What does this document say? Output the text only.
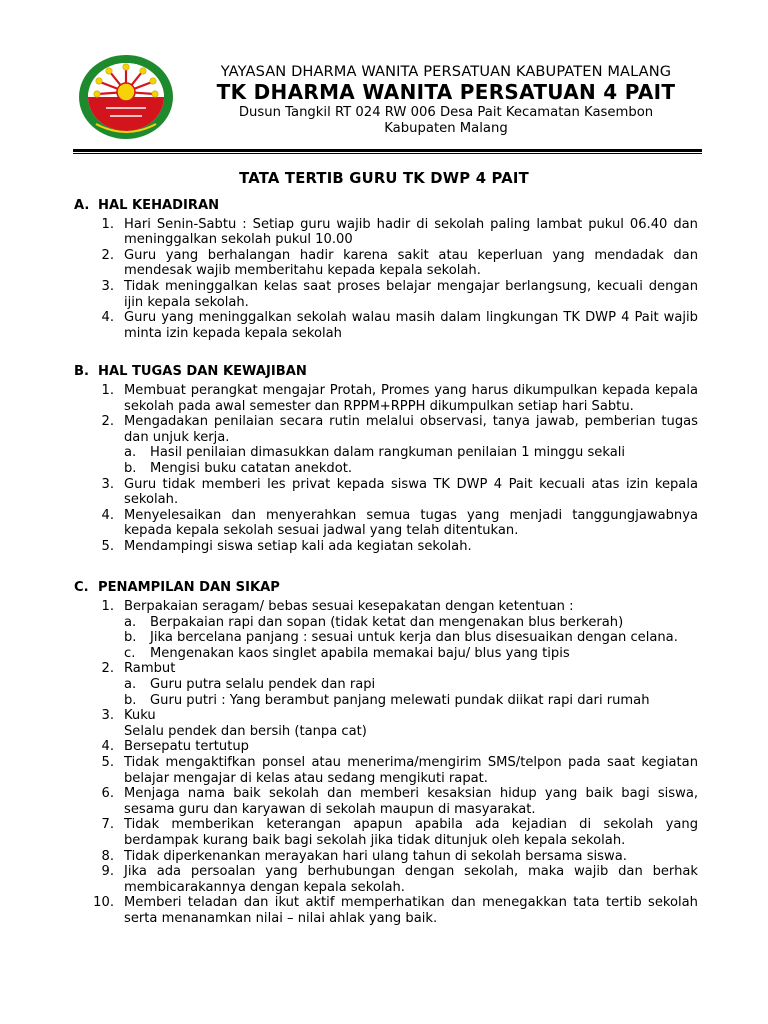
YAYASAN DHARMA WANITA PERSATUAN KABUPATEN MALANG
TK DHARMA WANITA PERSATUAN 4 PAIT
Dusun Tangkil RT 024 RW 006 Desa Pait Kecamatan Kasembon
Kabupaten Malang
TATA TERTIB GURU TK DWP 4 PAIT
A. HAL KEHADIRAN
1. Hari Senin-Sabtu : Setiap guru wajib hadir di sekolah paling lambat pukul 06.40 dan meninggalkan sekolah pukul 10.00
2. Guru yang berhalangan hadir karena sakit atau keperluan yang mendadak dan mendesak wajib memberitahu kepada kepala sekolah.
3. Tidak meninggalkan kelas saat proses belajar mengajar berlangsung, kecuali dengan ijin kepala sekolah.
4. Guru yang meninggalkan sekolah walau masih dalam lingkungan TK DWP 4 Pait wajib minta izin kepada kepala sekolah
B. HAL TUGAS DAN KEWAJIBAN
1. Membuat perangkat mengajar Protah, Promes yang harus dikumpulkan kepada kepala sekolah pada awal semester dan RPPM+RPPH dikumpulkan setiap hari Sabtu.
2. Mengadakan penilaian secara rutin melalui observasi, tanya jawab, pemberian tugas dan unjuk kerja.
a. Hasil penilaian dimasukkan dalam rangkuman penilaian 1 minggu sekali
b. Mengisi buku catatan anekdot.
3. Guru tidak memberi les privat kepada siswa TK DWP 4 Pait kecuali atas izin kepala sekolah.
4. Menyelesaikan dan menyerahkan semua tugas yang menjadi tanggungjawabnya kepada kepala sekolah sesuai jadwal yang telah ditentukan.
5. Mendampingi siswa setiap kali ada kegiatan sekolah.
C. PENAMPILAN DAN SIKAP
1. Berpakaian seragam/ bebas sesuai kesepakatan dengan ketentuan :
a. Berpakaian rapi dan sopan (tidak ketat dan mengenakan blus berkerah)
b. Jika bercelana panjang : sesuai untuk kerja dan blus disesuaikan dengan celana.
c. Mengenakan kaos singlet apabila memakai baju/ blus yang tipis
2. Rambut
a. Guru putra selalu pendek dan rapi
b. Guru putri : Yang berambut panjang melewati pundak diikat rapi dari rumah
3. Kuku
Selalu pendek dan bersih (tanpa cat)
4. Bersepatu tertutup
5. Tidak mengaktifkan ponsel atau menerima/mengirim SMS/telpon pada saat kegiatan belajar mengajar di kelas atau sedang mengikuti rapat.
6. Menjaga nama baik sekolah dan memberi kesaksian hidup yang baik bagi siswa, sesama guru dan karyawan di sekolah maupun di masyarakat.
7. Tidak memberikan keterangan apapun apabila ada kejadian di sekolah yang berdampak kurang baik bagi sekolah jika tidak ditunjuk oleh kepala sekolah.
8. Tidak diperkenankan merayakan hari ulang tahun di sekolah bersama siswa.
9. Jika ada persoalan yang berhubungan dengan sekolah, maka wajib dan berhak membicarakannya dengan kepala sekolah.
10. Memberi teladan dan ikut aktif memperhatikan dan menegakkan tata tertib sekolah serta menanamkan nilai – nilai ahlak yang baik.
